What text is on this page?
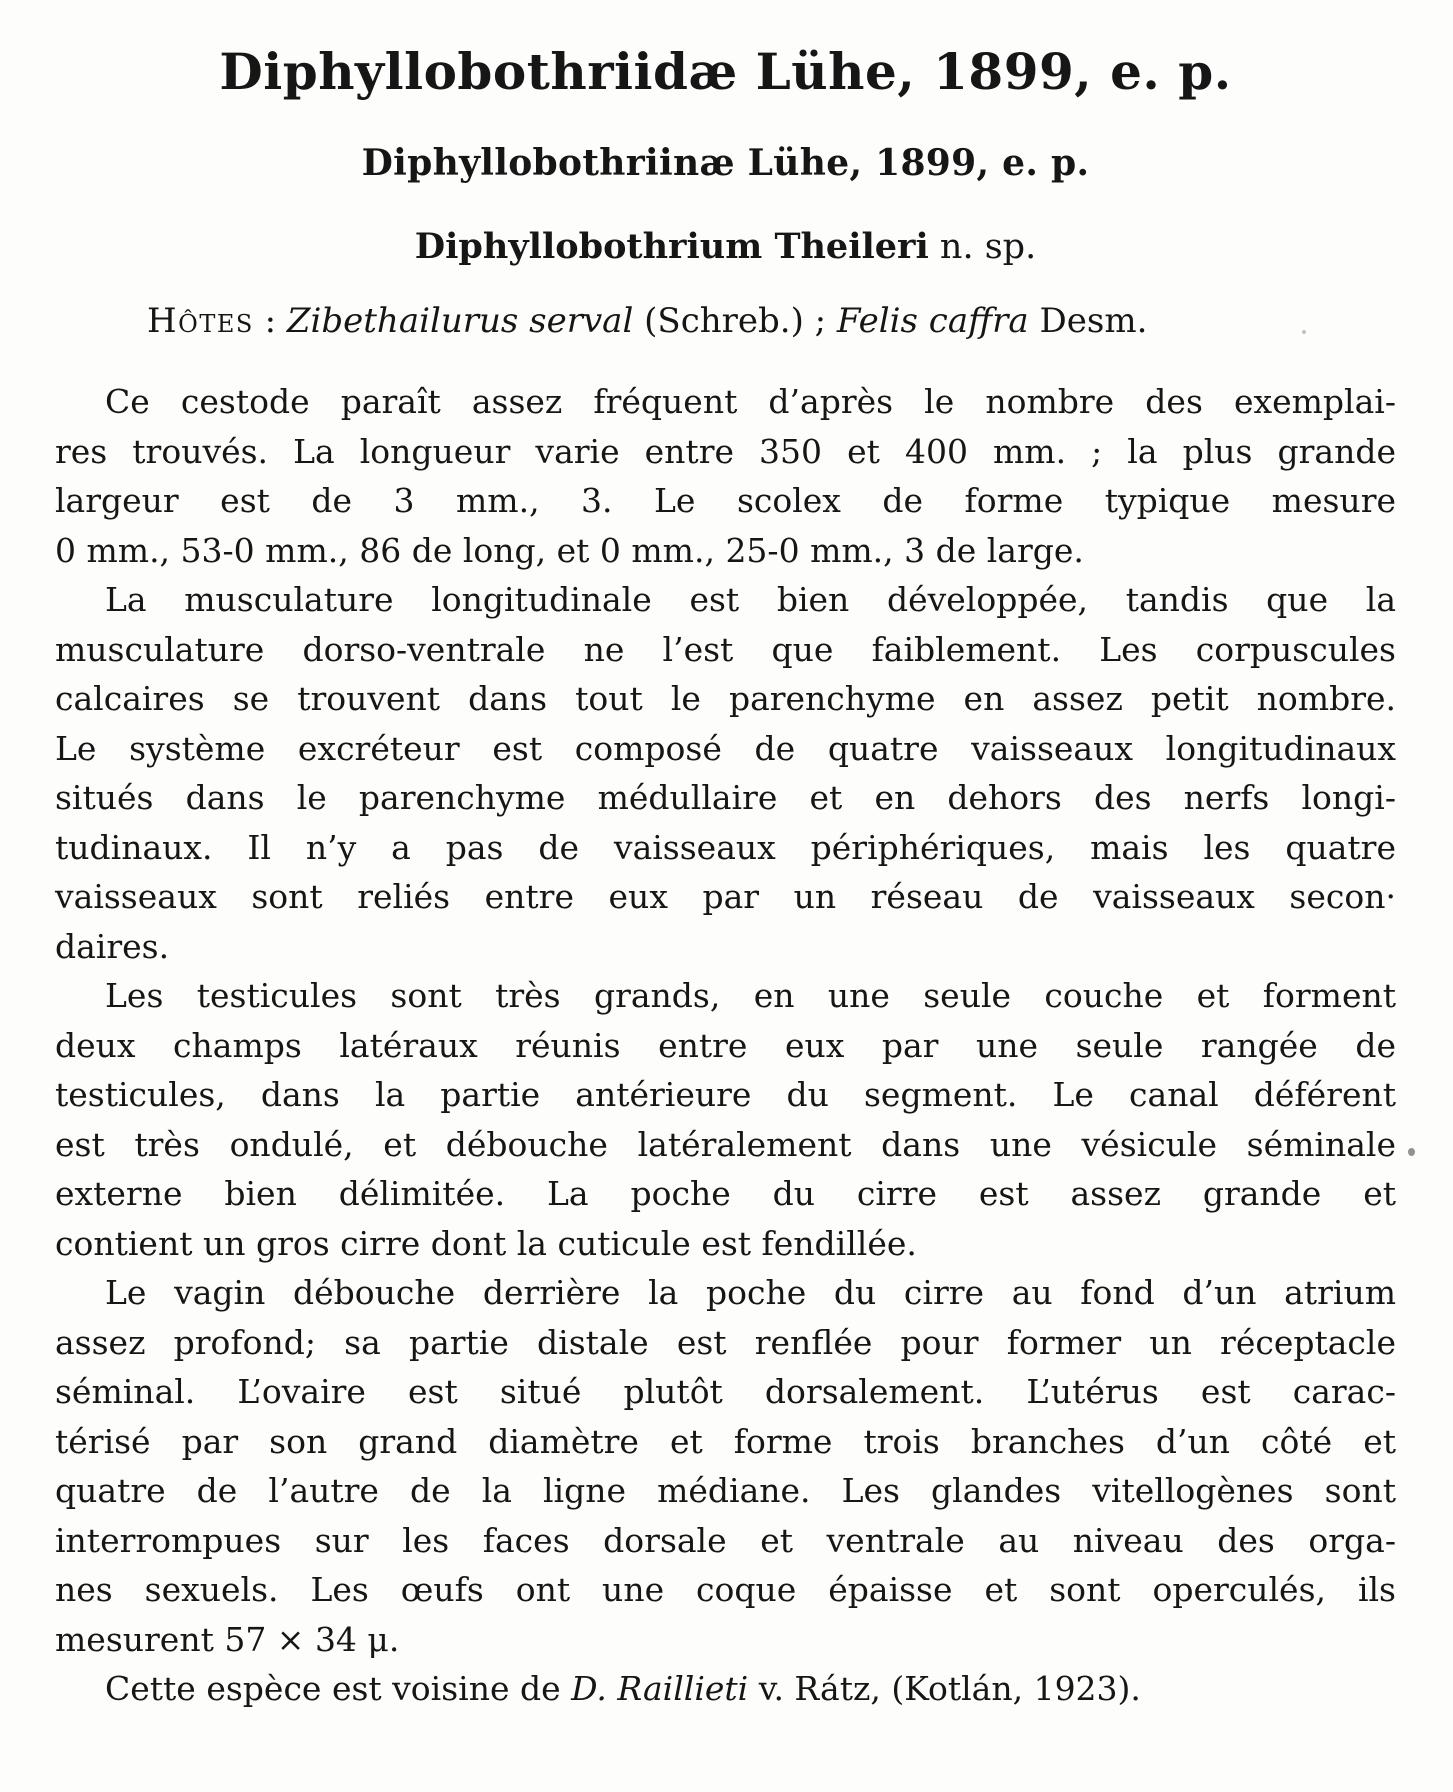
Diphyllobothriidæ Lühe, 1899, e. p.
Diphyllobothriinæ Lühe, 1899, e. p.
Diphyllobothrium Theileri n. sp.
Hôtes : Zibethailurus serval (Schreb.) ; Felis caffra Desm.
Ce cestode paraît assez fréquent d’après le nombre des exemplai-
res trouvés. La longueur varie entre 350 et 400 mm. ; la plus grande
largeur est de 3 mm., 3. Le scolex de forme typique mesure
0 mm., 53-0 mm., 86 de long, et 0 mm., 25-0 mm., 3 de large.
La musculature longitudinale est bien développée, tandis que la
musculature dorso-ventrale ne l’est que faiblement. Les corpuscules
calcaires se trouvent dans tout le parenchyme en assez petit nombre.
Le système excréteur est composé de quatre vaisseaux longitudinaux
situés dans le parenchyme médullaire et en dehors des nerfs longi-
tudinaux. Il n’y a pas de vaisseaux périphériques, mais les quatre
vaisseaux sont reliés entre eux par un réseau de vaisseaux secon·
daires.
Les testicules sont très grands, en une seule couche et forment
deux champs latéraux réunis entre eux par une seule rangée de
testicules, dans la partie antérieure du segment. Le canal déférent
est très ondulé, et débouche latéralement dans une vésicule séminale
externe bien délimitée. La poche du cirre est assez grande et
contient un gros cirre dont la cuticule est fendillée.
Le vagin débouche derrière la poche du cirre au fond d’un atrium
assez profond; sa partie distale est renflée pour former un réceptacle
séminal. L’ovaire est situé plutôt dorsalement. L’utérus est carac-
térisé par son grand diamètre et forme trois branches d’un côté et
quatre de l’autre de la ligne médiane. Les glandes vitellogènes sont
interrompues sur les faces dorsale et ventrale au niveau des orga-
nes sexuels. Les œufs ont une coque épaisse et sont operculés, ils
mesurent 57 × 34 μ.
Cette espèce est voisine de D. Raillieti v. Rátz, (Kotlán, 1923).
